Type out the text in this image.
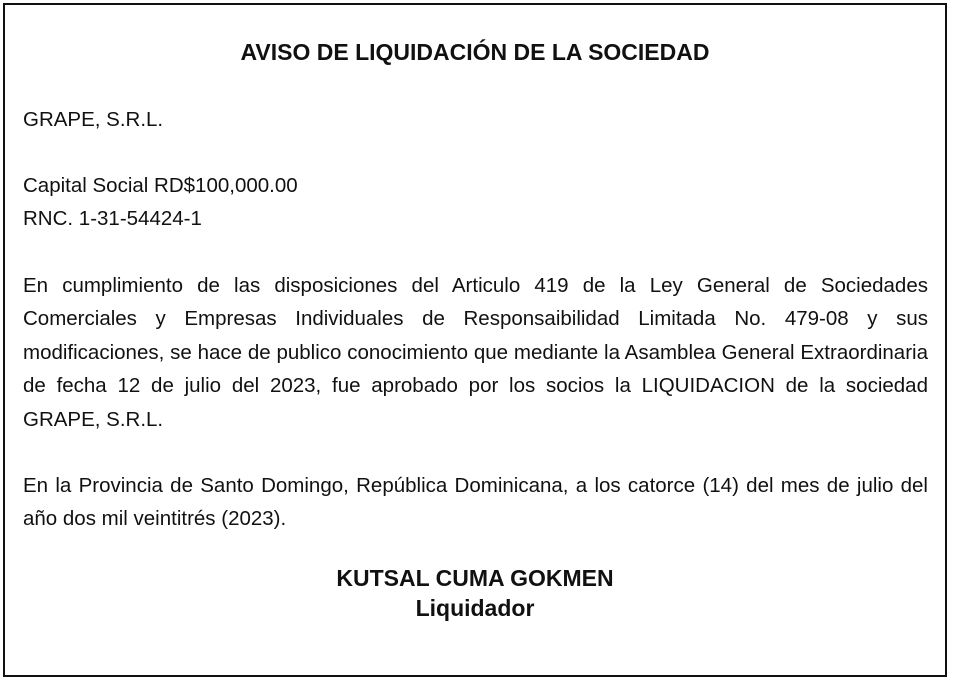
AVISO DE LIQUIDACIÓN DE LA SOCIEDAD
GRAPE, S.R.L.
Capital Social RD$100,000.00
RNC. 1-31-54424-1
En cumplimiento de las disposiciones del Articulo 419 de la Ley General de Sociedades Comerciales y Empresas Individuales de Responsaibilidad Limitada No. 479-08 y sus modificaciones, se hace de publico conocimiento que mediante la Asamblea General Extraordinaria de fecha 12 de julio del 2023, fue aprobado por los socios la LIQUIDACION de la sociedad GRAPE, S.R.L.
En la Provincia de Santo Domingo, República Dominicana, a los catorce (14) del mes de julio del año dos mil veintitrés (2023).
KUTSAL CUMA GOKMEN
Liquidador
